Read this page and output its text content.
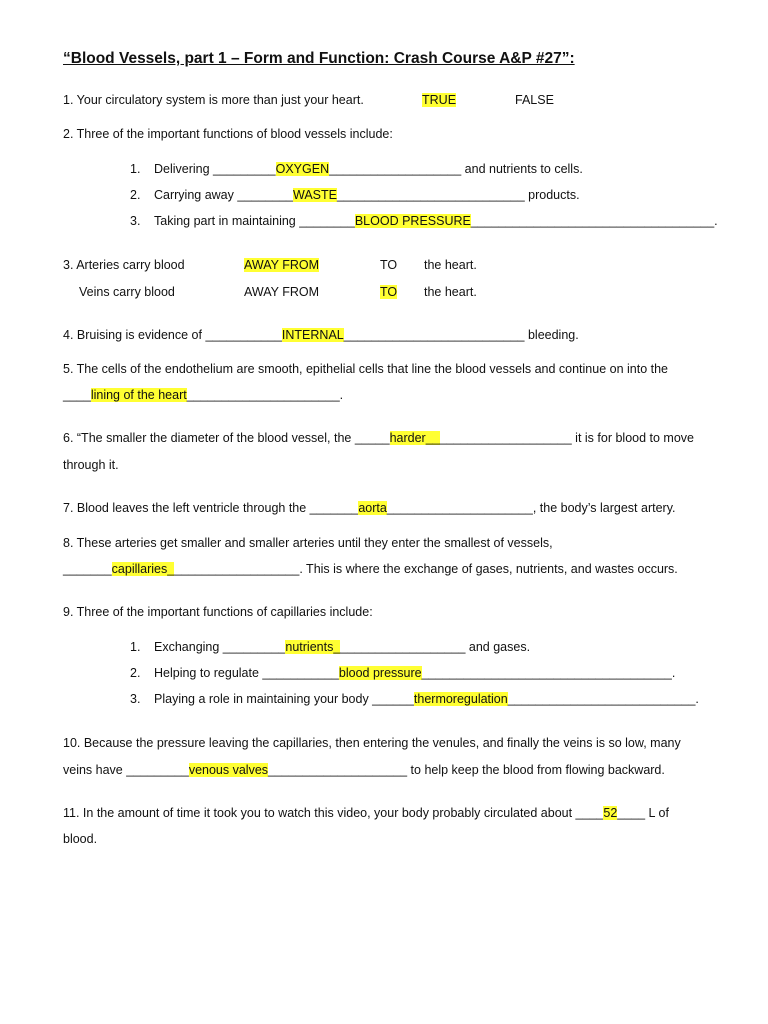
“Blood Vessels, part 1 – Form and Function: Crash Course A&P #27”:
1. Your circulatory system is more than just your heart.	TRUE	FALSE
2. Three of the important functions of blood vessels include:
1. Delivering _________OXYGEN___________________ and nutrients to cells.
2. Carrying away ________WASTE___________________________ products.
3. Taking part in maintaining ________BLOOD PRESSURE___________________________________.
3. Arteries carry blood	AWAY FROM	TO the heart.
Veins carry blood	AWAY FROM	TO the heart.
4. Bruising is evidence of ___________INTERNAL__________________________ bleeding.
5. The cells of the endothelium are smooth, epithelial cells that line the blood vessels and continue on into the
____lining of the heart______________________.
6. “The smaller the diameter of the blood vessel, the _____harder_____________________ it is for blood to move
through it.
7. Blood leaves the left ventricle through the _______aorta_____________________, the body’s largest artery.
8. These arteries get smaller and smaller arteries until they enter the smallest of vessels,
_______capillaries___________________. This is where the exchange of gases, nutrients, and wastes occurs.
9. Three of the important functions of capillaries include:
1. Exchanging _________nutrients___________________ and gases.
2. Helping to regulate ___________blood pressure____________________________________.
3. Playing a role in maintaining your body ______thermoregulation___________________________.
10. Because the pressure leaving the capillaries, then entering the venules, and finally the veins is so low, many
veins have _________venous valves____________________ to help keep the blood from flowing backward.
11. In the amount of time it took you to watch this video, your body probably circulated about ____52____ L of
blood.
